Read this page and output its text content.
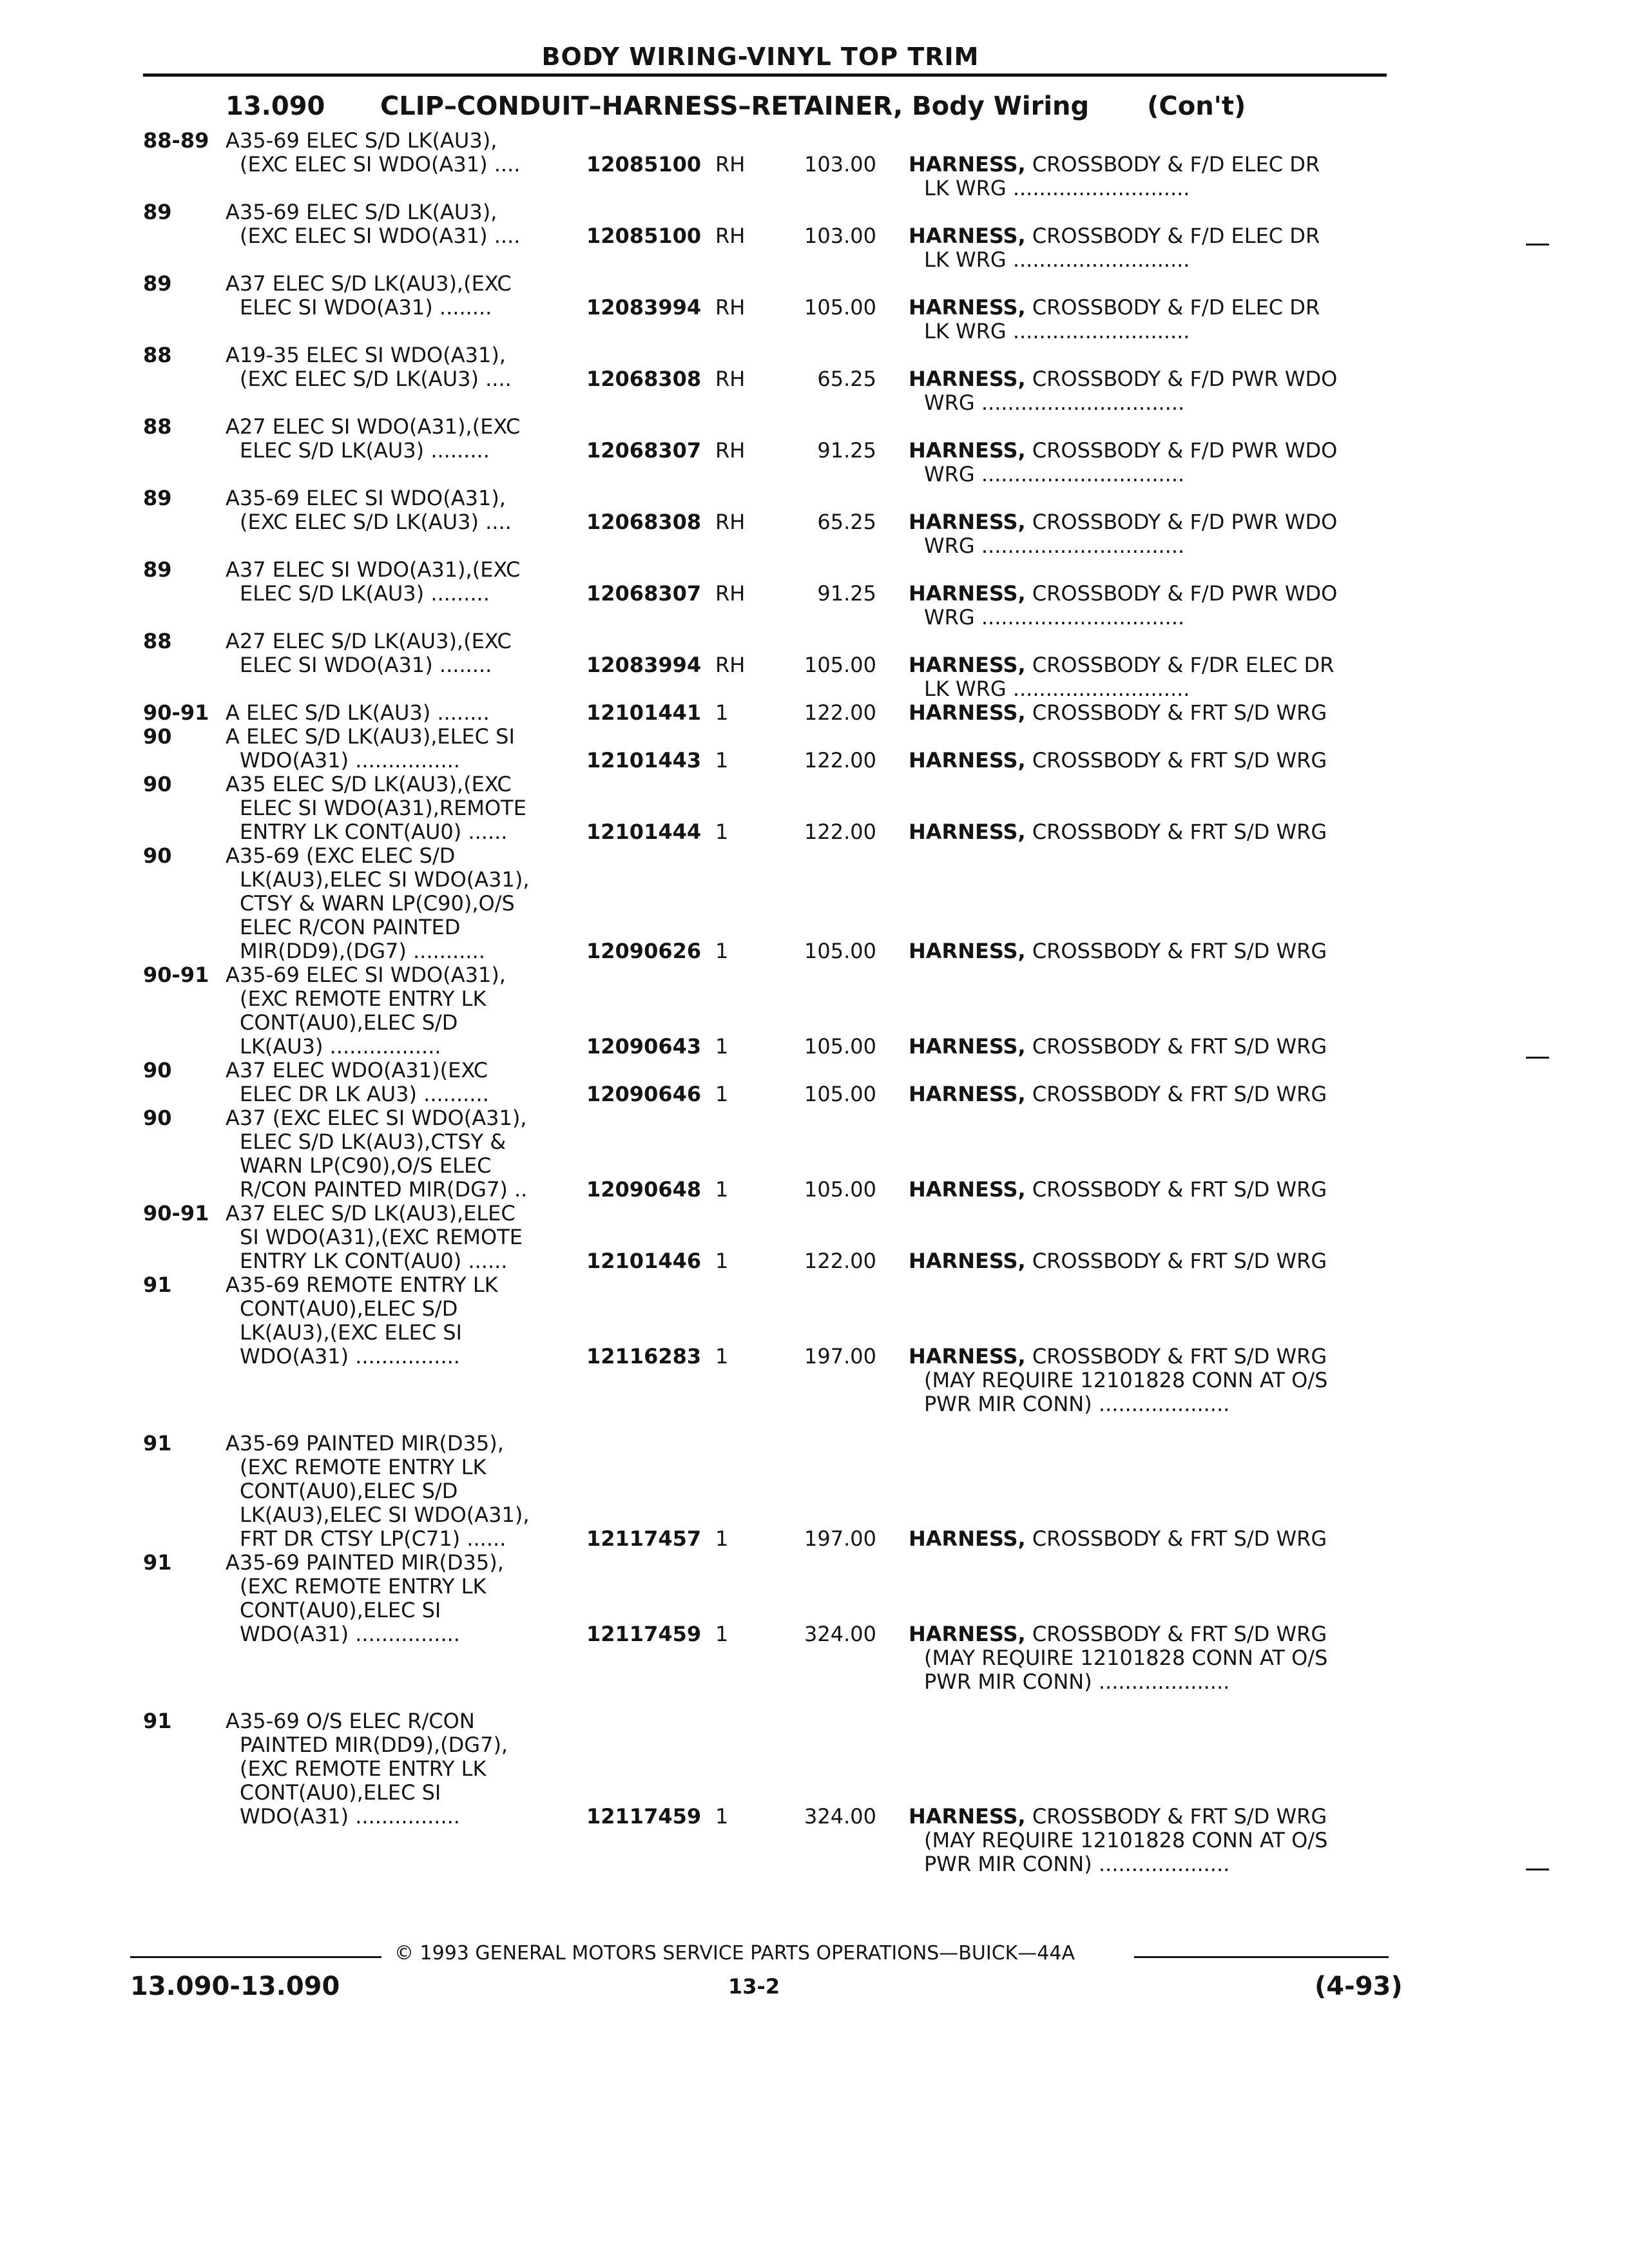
BODY WIRING-VINYL TOP TRIM
13.090 CLIP–CONDUIT–HARNESS–RETAINER, Body Wiring (Con't)
88-89 A35-69 ELEC S/D LK(AU3),
(EXC ELEC SI WDO(A31) ....
	12085100 RH	103.00 HARNESS, CROSSBODY & F/D ELEC DR
LK WRG ...........................
89	A35-69 ELEC S/D LK(AU3),
(EXC ELEC SI WDO(A31) ....
	12085100 RH	103.00 HARNESS, CROSSBODY & F/D ELEC DR
LK WRG ...........................
89	A37 ELEC S/D LK(AU3),(EXC
ELEC SI WDO(A31) ........
	12083994 RH	105.00 HARNESS, CROSSBODY & F/D ELEC DR
LK WRG ...........................
88	A19-35 ELEC SI WDO(A31),
(EXC ELEC S/D LK(AU3) ....
	12068308 RH	65.25 HARNESS, CROSSBODY & F/D PWR WDO
WRG ...............................
88	A27 ELEC SI WDO(A31),(EXC
ELEC S/D LK(AU3) .........
	12068307 RH	91.25 HARNESS, CROSSBODY & F/D PWR WDO
WRG ...............................
89	A35-69 ELEC SI WDO(A31),
(EXC ELEC S/D LK(AU3) ....
	12068308 RH	65.25 HARNESS, CROSSBODY & F/D PWR WDO
WRG ...............................
89	A37 ELEC SI WDO(A31),(EXC
ELEC S/D LK(AU3) .........
	12068307 RH	91.25 HARNESS, CROSSBODY & F/D PWR WDO
WRG ...............................
88	A27 ELEC S/D LK(AU3),(EXC
ELEC SI WDO(A31) ........
	12083994 RH	105.00 HARNESS, CROSSBODY & F/DR ELEC DR
LK WRG ...........................
90-91 A ELEC S/D LK(AU3) ........	12101441 1	122.00 HARNESS, CROSSBODY & FRT S/D WRG
90	A ELEC S/D LK(AU3),ELEC SI
WDO(A31) ................	12101443 1	122.00 HARNESS, CROSSBODY & FRT S/D WRG
90	A35 ELEC S/D LK(AU3),(EXC
ELEC SI WDO(A31),REMOTE
ENTRY LK CONT(AU0) ......	12101444 1	122.00 HARNESS, CROSSBODY & FRT S/D WRG
90	A35-69 (EXC ELEC S/D
LK(AU3),ELEC SI WDO(A31),
CTSY & WARN LP(C90),O/S
ELEC R/CON PAINTED
MIR(DD9),(DG7) ...........	12090626 1	105.00 HARNESS, CROSSBODY & FRT S/D WRG
90-91 A35-69 ELEC SI WDO(A31),
(EXC REMOTE ENTRY LK
CONT(AU0),ELEC S/D
LK(AU3) .................	12090643 1	105.00 HARNESS, CROSSBODY & FRT S/D WRG
90	A37 ELEC WDO(A31)(EXC
ELEC DR LK AU3) ..........	12090646 1	105.00 HARNESS, CROSSBODY & FRT S/D WRG
90	A37 (EXC ELEC SI WDO(A31),
ELEC S/D LK(AU3),CTSY &
WARN LP(C90),O/S ELEC
R/CON PAINTED MIR(DG7) ..	12090648 1	105.00 HARNESS, CROSSBODY & FRT S/D WRG
90-91 A37 ELEC S/D LK(AU3),ELEC
SI WDO(A31),(EXC REMOTE
ENTRY LK CONT(AU0) ......	12101446 1	122.00 HARNESS, CROSSBODY & FRT S/D WRG
91	A35-69 REMOTE ENTRY LK
CONT(AU0),ELEC S/D
LK(AU3),(EXC ELEC SI
WDO(A31) ................

	12116283 1	197.00 HARNESS, CROSSBODY & FRT S/D WRG
(MAY REQUIRE 12101828 CONN AT O/S
PWR MIR CONN) ....................
91	A35-69 PAINTED MIR(D35),
(EXC REMOTE ENTRY LK
CONT(AU0),ELEC S/D
LK(AU3),ELEC SI WDO(A31),
FRT DR CTSY LP(C71) ......	12117457 1	197.00 HARNESS, CROSSBODY & FRT S/D WRG
91	A35-69 PAINTED MIR(D35),
(EXC REMOTE ENTRY LK
CONT(AU0),ELEC SI
WDO(A31) ................

	12117459 1	324.00 HARNESS, CROSSBODY & FRT S/D WRG
(MAY REQUIRE 12101828 CONN AT O/S
PWR MIR CONN) ....................
91	A35-69 O/S ELEC R/CON
PAINTED MIR(DD9),(DG7),
(EXC REMOTE ENTRY LK
CONT(AU0),ELEC SI
WDO(A31) ................

	12117459 1	324.00 HARNESS, CROSSBODY & FRT S/D WRG
(MAY REQUIRE 12101828 CONN AT O/S
PWR MIR CONN) ....................
© 1993 GENERAL MOTORS SERVICE PARTS OPERATIONS—BUICK—44A
13.090-13.090	13-2	(4-93)
